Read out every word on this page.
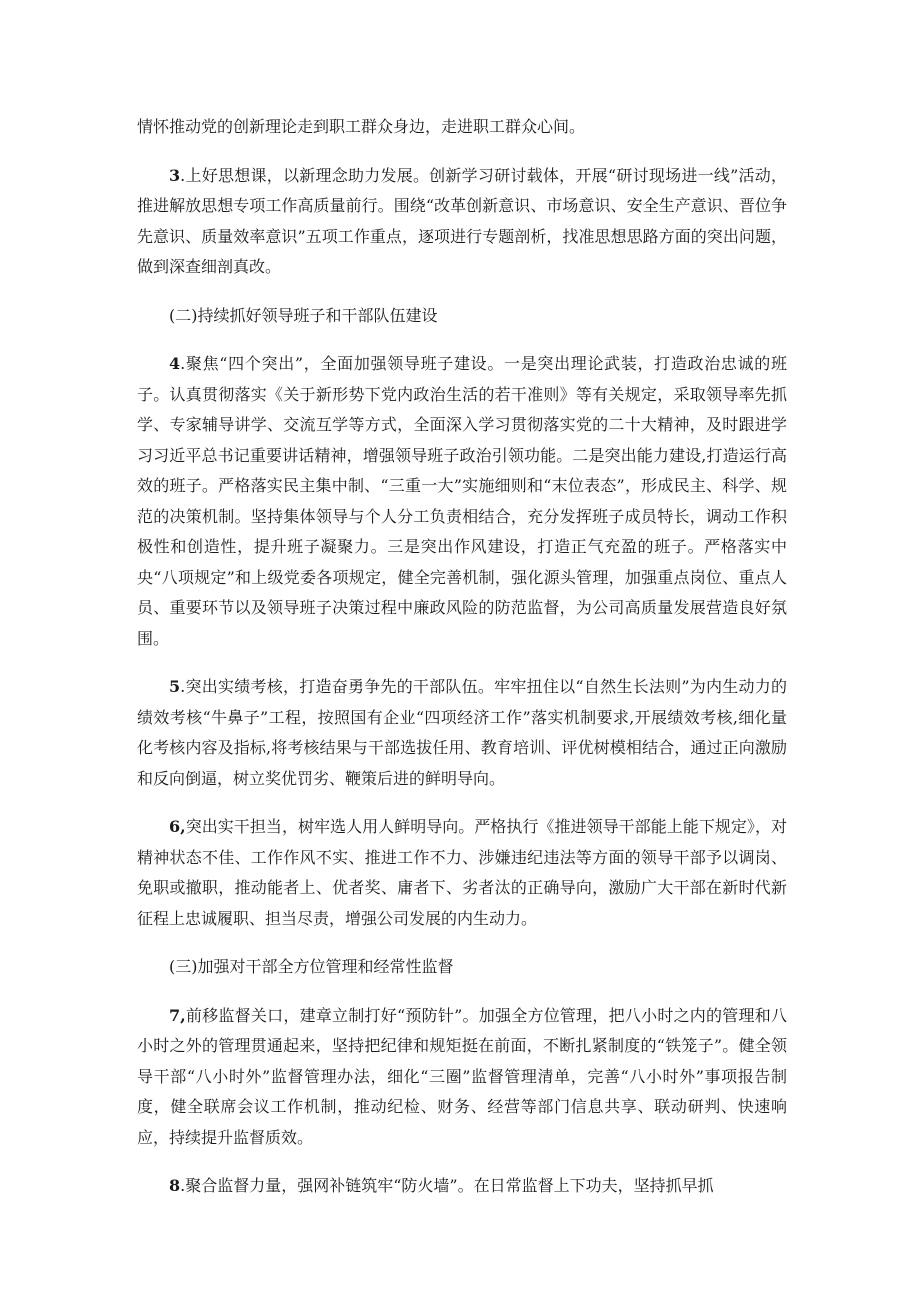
情怀推动党的创新理论走到职工群众身边，走进职工群众心间。

3.上好思想课，以新理念助力发展。创新学习研讨载体，开展“研讨现场进一线”活动，推进解放思想专项工作高质量前行。围绕“改革创新意识、市场意识、安全生产意识、晋位争先意识、质量效率意识”五项工作重点，逐项进行专题剖析，找准思想思路方面的突出问题，做到深查细剖真改。

(二)持续抓好领导班子和干部队伍建设

4.聚焦“四个突出”，全面加强领导班子建设。一是突出理论武装，打造政治忠诚的班子。认真贯彻落实《关于新形势下党内政治生活的若干准则》等有关规定，采取领导率先抓学、专家辅导讲学、交流互学等方式，全面深入学习贯彻落实党的二十大精神，及时跟进学习习近平总书记重要讲话精神，增强领导班子政治引领功能。二是突出能力建设,打造运行高效的班子。严格落实民主集中制、“三重一大”实施细则和“末位表态”，形成民主、科学、规范的决策机制。坚持集体领导与个人分工负责相结合，充分发挥班子成员特长，调动工作积极性和创造性，提升班子凝聚力。三是突出作风建设，打造正气充盈的班子。严格落实中央“八项规定”和上级党委各项规定，健全完善机制，强化源头管理，加强重点岗位、重点人员、重要环节以及领导班子决策过程中廉政风险的防范监督，为公司高质量发展营造良好氛围。

5.突出实绩考核，打造奋勇争先的干部队伍。牢牢扭住以“自然生长法则”为内生动力的绩效考核“牛鼻子”工程，按照国有企业“四项经济工作”落实机制要求,开展绩效考核,细化量化考核内容及指标,将考核结果与干部选拔任用、教育培训、评优树模相结合，通过正向激励和反向倒逼，树立奖优罚劣、鞭策后进的鲜明导向。

6,突出实干担当，树牢选人用人鲜明导向。严格执行《推进领导干部能上能下规定》，对精神状态不佳、工作作风不实、推进工作不力、涉嫌违纪违法等方面的领导干部予以调岗、免职或撤职，推动能者上、优者奖、庸者下、劣者汰的正确导向，激励广大干部在新时代新征程上忠诚履职、担当尽责，增强公司发展的内生动力。

(三)加强对干部全方位管理和经常性监督

7,前移监督关口，建章立制打好“预防针”。加强全方位管理，把八小时之内的管理和八小时之外的管理贯通起来，坚持把纪律和规矩挺在前面，不断扎紧制度的“铁笼子”。健全领导干部“八小时外”监督管理办法，细化“三圈”监督管理清单，完善“八小时外”事项报告制度，健全联席会议工作机制，推动纪检、财务、经营等部门信息共享、联动研判、快速响应，持续提升监督质效。

8.聚合监督力量，强网补链筑牢“防火墙”。在日常监督上下功夫，坚持抓早抓
